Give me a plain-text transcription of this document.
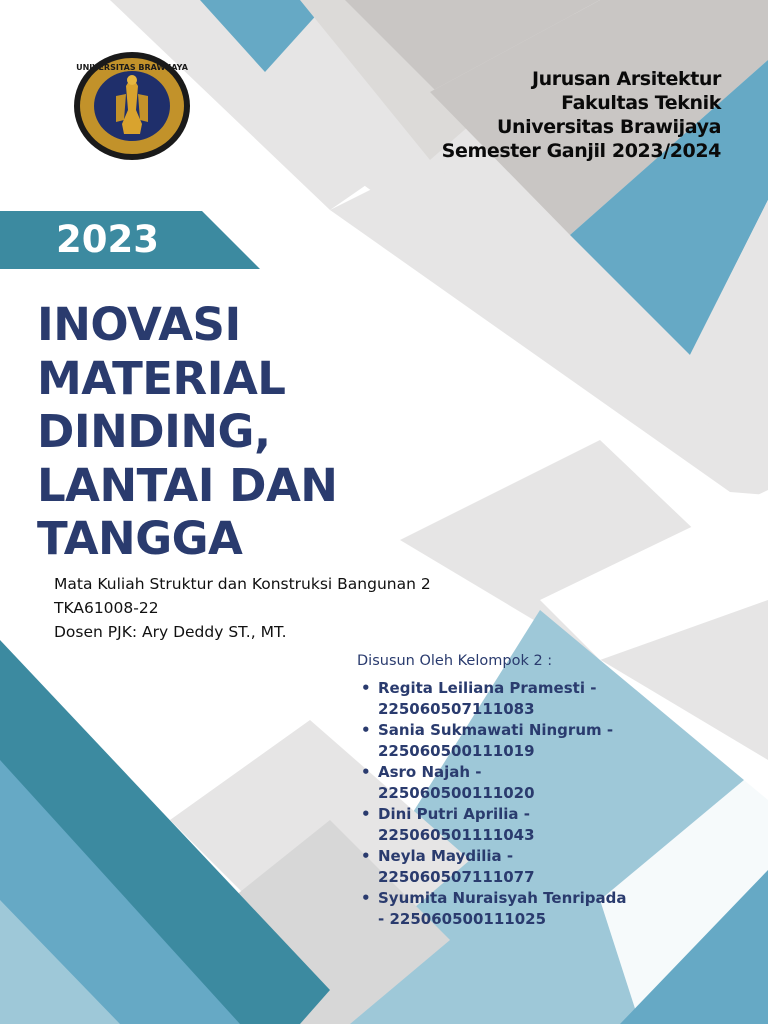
UNIVERSITAS BRAWIJAYA
Jurusan Arsitektur
Fakultas Teknik
Universitas Brawijaya
Semester Ganjil 2023/2024
2023
INOVASI
MATERIAL
DINDING,
LANTAI DAN
TANGGA
Mata Kuliah Struktur dan Konstruksi Bangunan 2
TKA61008-22
Dosen PJK: Ary Deddy ST., MT.
Disusun Oleh Kelompok 2 :
• Regita Leiliana Pramesti -
225060507111083
• Sania Sukmawati Ningrum -
225060500111019
• Asro Najah -
225060500111020
• Dini Putri Aprilia -
225060501111043
• Neyla Maydilia -
225060507111077
• Syumita Nuraisyah Tenripada
- 225060500111025
